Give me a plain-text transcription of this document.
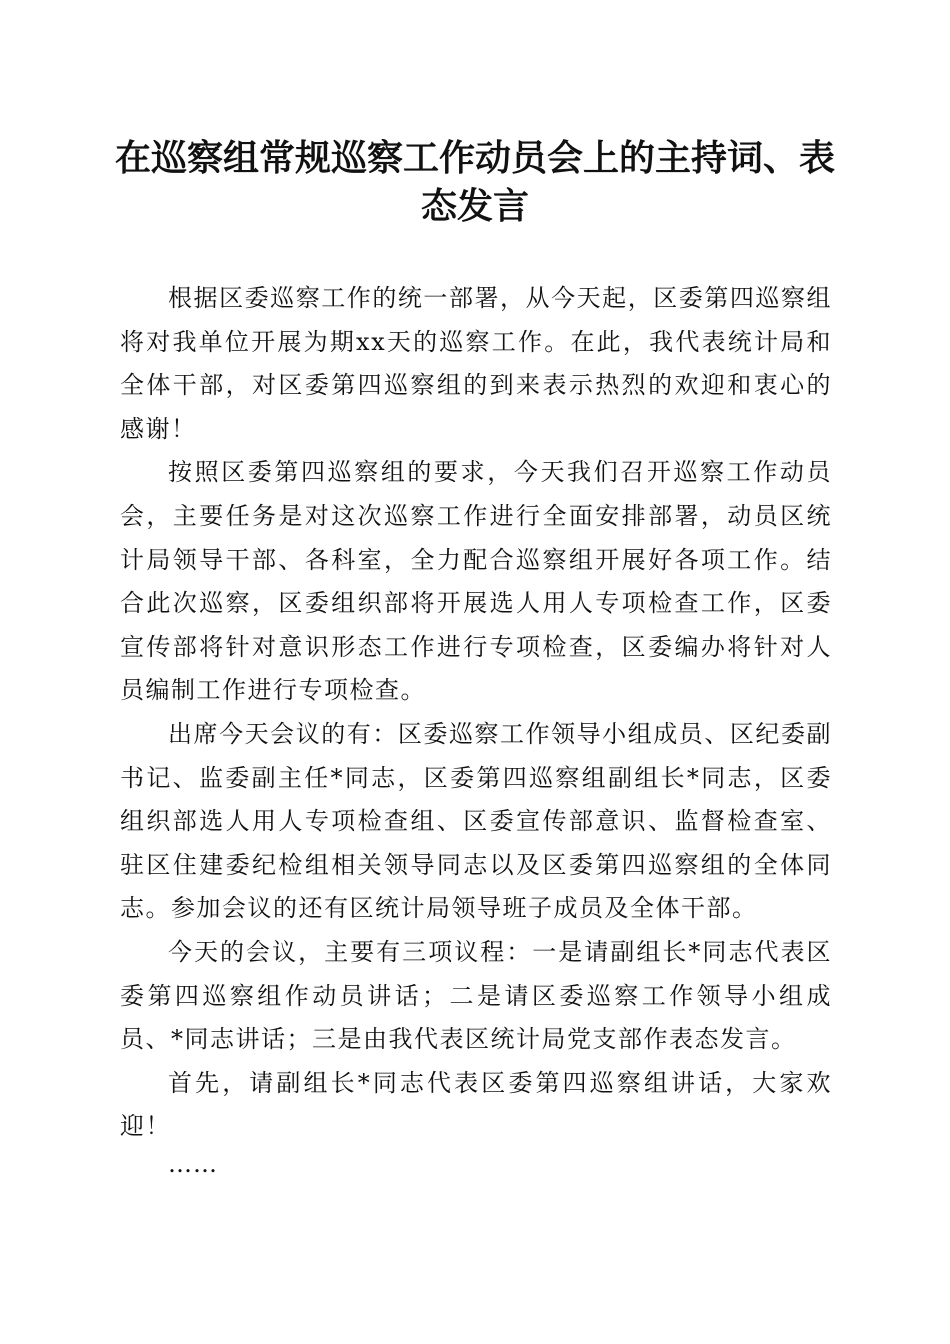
在巡察组常规巡察工作动员会上的主持词、表态发言

根据区委巡察工作的统一部署，从今天起，区委第四巡察组将对我单位开展为期xx天的巡察工作。在此，我代表统计局和全体干部，对区委第四巡察组的到来表示热烈的欢迎和衷心的感谢！

按照区委第四巡察组的要求，今天我们召开巡察工作动员会，主要任务是对这次巡察工作进行全面安排部署，动员区统计局领导干部、各科室，全力配合巡察组开展好各项工作。结合此次巡察，区委组织部将开展选人用人专项检查工作，区委宣传部将针对意识形态工作进行专项检查，区委编办将针对人员编制工作进行专项检查。

出席今天会议的有：区委巡察工作领导小组成员、区纪委副书记、监委副主任*同志，区委第四巡察组副组长*同志，区委组织部选人用人专项检查组、区委宣传部意识、监督检查室、驻区住建委纪检组相关领导同志以及区委第四巡察组的全体同志。参加会议的还有区统计局领导班子成员及全体干部。

今天的会议，主要有三项议程：一是请副组长*同志代表区委第四巡察组作动员讲话；二是请区委巡察工作领导小组成员、*同志讲话；三是由我代表区统计局党支部作表态发言。

首先，请副组长*同志代表区委第四巡察组讲话，大家欢迎！

……
